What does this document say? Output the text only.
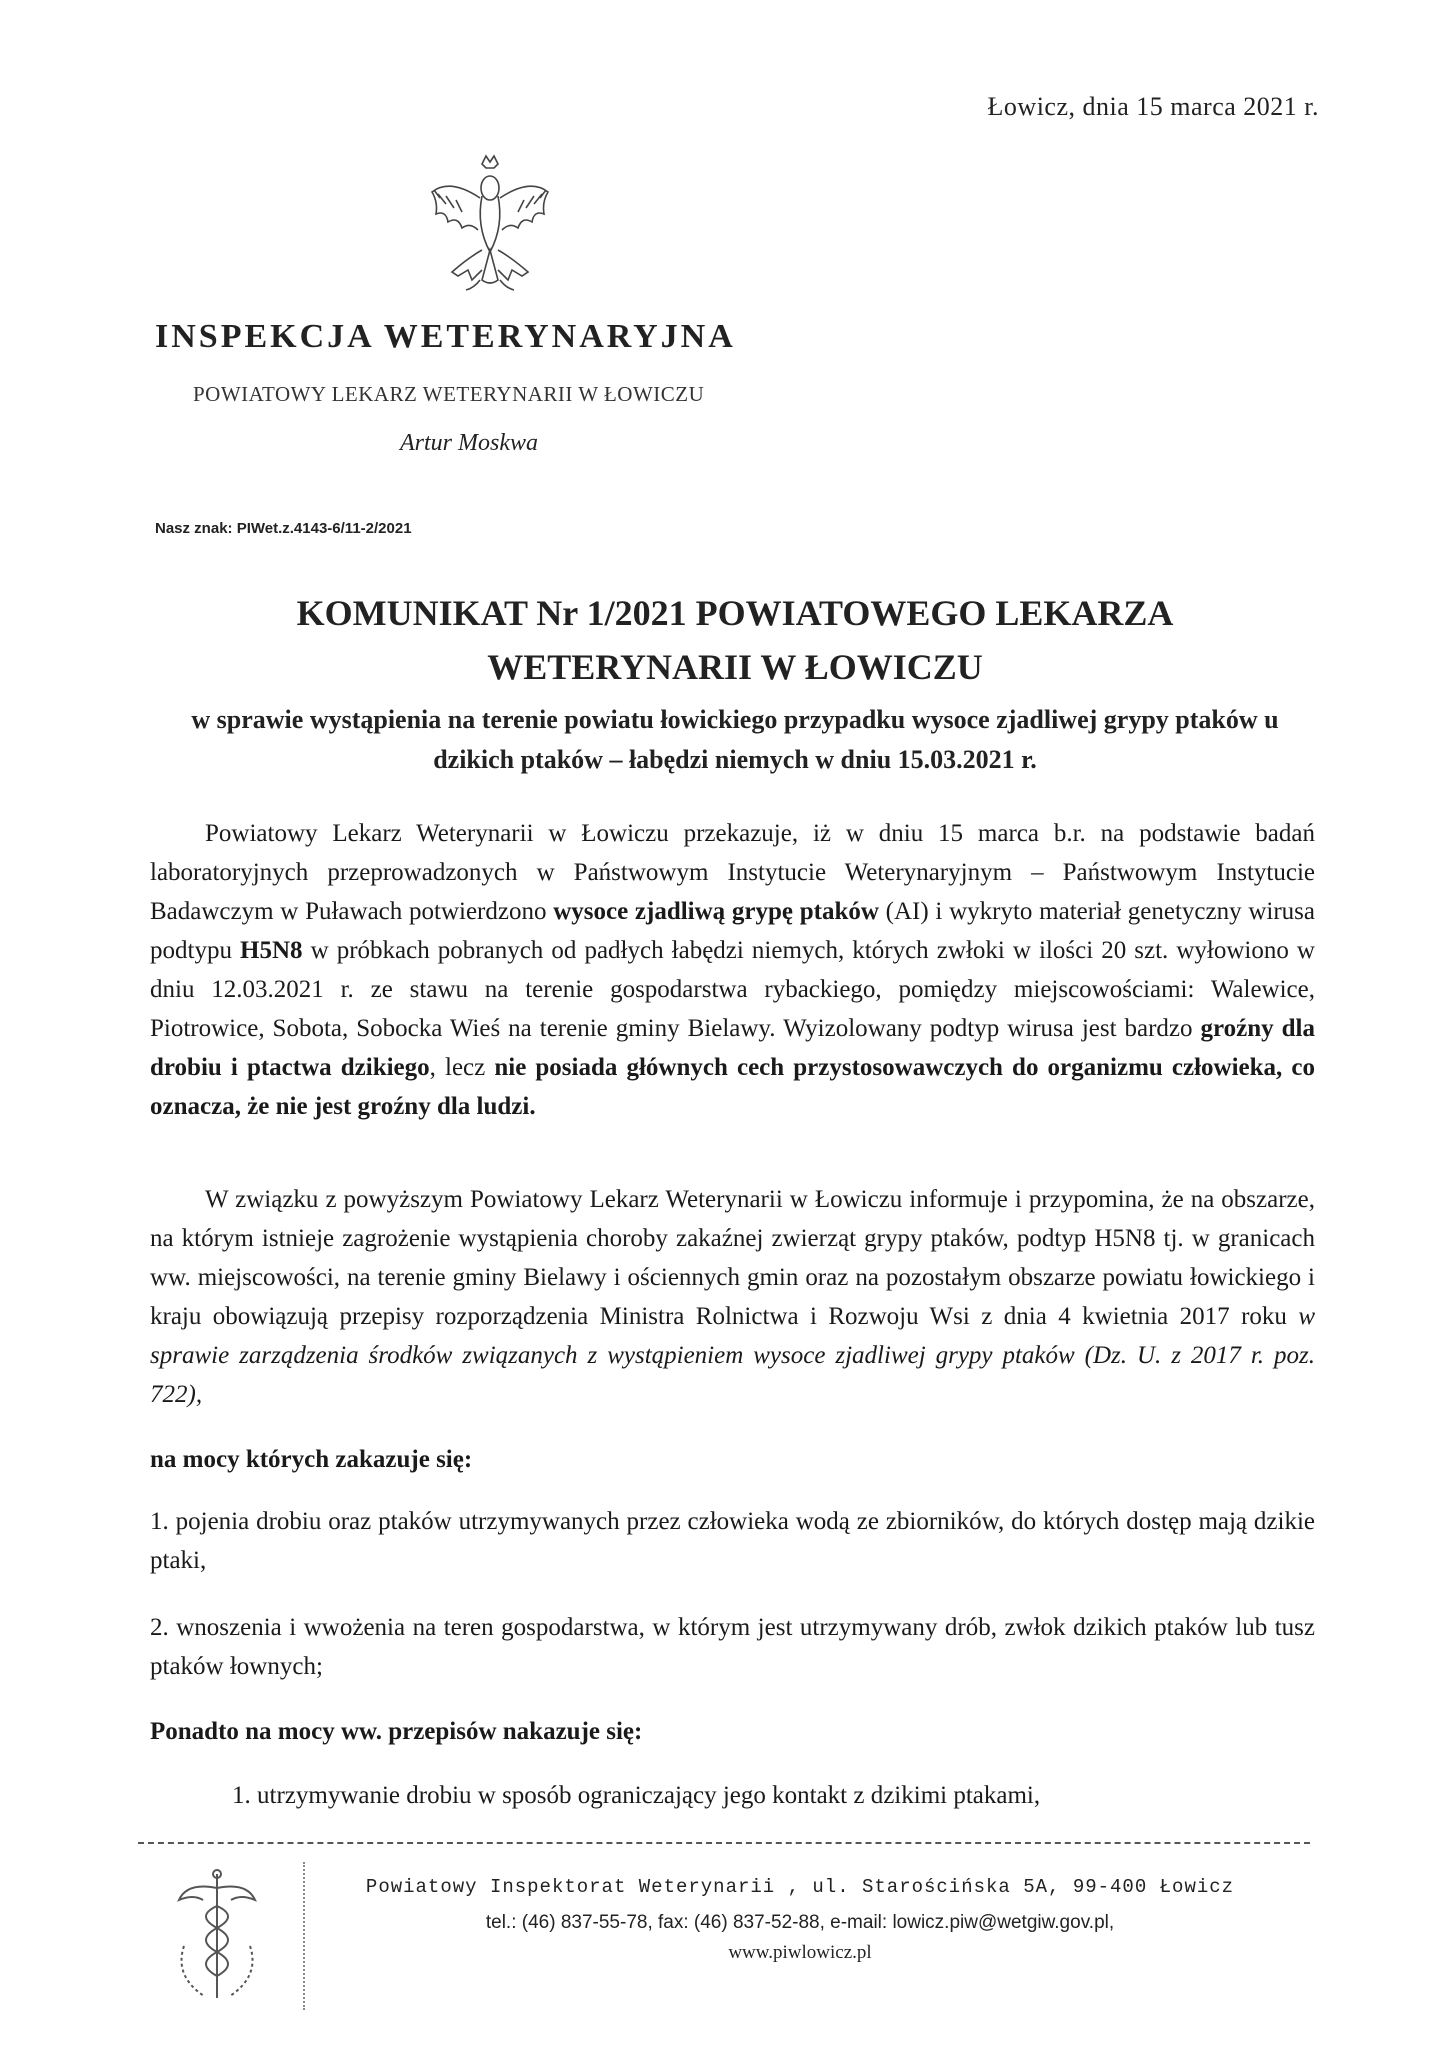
Łowicz, dnia 15 marca 2021 r.
INSPEKCJA WETERYNARYJNA
POWIATOWY LEKARZ WETERYNARII W ŁOWICZU
Artur Moskwa
Nasz znak: PIWet.z.4143-6/11-2/2021
KOMUNIKAT Nr 1/2021 POWIATOWEGO LEKARZA
WETERYNARII W ŁOWICZU
w sprawie wystąpienia na terenie powiatu łowickiego przypadku wysoce zjadliwej grypy ptaków u dzikich ptaków – łabędzi niemych w dniu 15.03.2021 r.
Powiatowy Lekarz Weterynarii w Łowiczu przekazuje, iż w dniu 15 marca b.r. na podstawie badań laboratoryjnych przeprowadzonych w Państwowym Instytucie Weterynaryjnym – Państwowym Instytucie Badawczym w Puławach potwierdzono wysoce zjadliwą grypę ptaków (AI) i wykryto materiał genetyczny wirusa podtypu H5N8 w próbkach pobranych od padłych łabędzi niemych, których zwłoki w ilości 20 szt. wyłowiono w dniu 12.03.2021 r. ze stawu na terenie gospodarstwa rybackiego, pomiędzy miejscowościami: Walewice, Piotrowice, Sobota, Sobocka Wieś na terenie gminy Bielawy. Wyizolowany podtyp wirusa jest bardzo groźny dla drobiu i ptactwa dzikiego, lecz nie posiada głównych cech przystosowawczych do organizmu człowieka, co oznacza, że nie jest groźny dla ludzi.
W związku z powyższym Powiatowy Lekarz Weterynarii w Łowiczu informuje i przypomina, że na obszarze, na którym istnieje zagrożenie wystąpienia choroby zakaźnej zwierząt grypy ptaków, podtyp H5N8 tj. w granicach ww. miejscowości, na terenie gminy Bielawy i ościennych gmin oraz na pozostałym obszarze powiatu łowickiego i kraju obowiązują przepisy rozporządzenia Ministra Rolnictwa i Rozwoju Wsi z dnia 4 kwietnia 2017 roku w sprawie zarządzenia środków związanych z wystąpieniem wysoce zjadliwej grypy ptaków (Dz. U. z 2017 r. poz. 722),
na mocy których zakazuje się:
1. pojenia drobiu oraz ptaków utrzymywanych przez człowieka wodą ze zbiorników, do których dostęp mają dzikie ptaki,
2. wnoszenia i wwożenia na teren gospodarstwa, w którym jest utrzymywany drób, zwłok dzikich ptaków lub tusz ptaków łownych;
Ponadto na mocy ww. przepisów nakazuje się:
1. utrzymywanie drobiu w sposób ograniczający jego kontakt z dzikimi ptakami,
Powiatowy Inspektorat Weterynarii , ul. Starościńska 5A, 99-400 Łowicz
tel.: (46) 837-55-78, fax: (46) 837-52-88, e-mail: lowicz.piw@wetgiw.gov.pl,
www.piwlowicz.pl
